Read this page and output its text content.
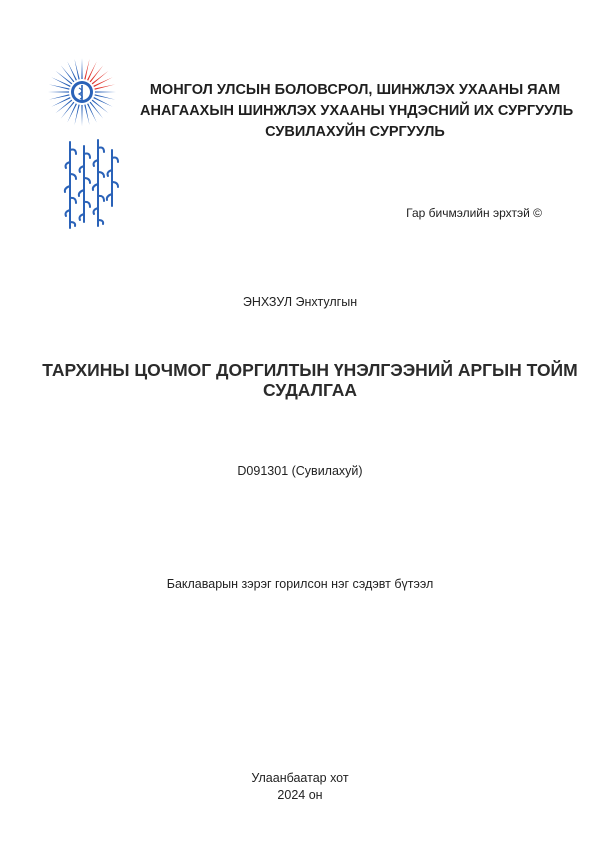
МОНГОЛ УЛСЫН БОЛОВСРОЛ, ШИНЖЛЭХ УХААНЫ ЯАМ
АНАГААХЫН ШИНЖЛЭХ УХААНЫ ҮНДЭСНИЙ ИХ СУРГУУЛЬ
СУВИЛАХУЙН СУРГУУЛЬ
Гар бичмэлийн эрхтэй ©
ЭНХЗУЛ Энхтулгын
ТАРХИНЫ ЦОЧМОГ ДОРГИЛТЫН ҮНЭЛГЭЭНИЙ АРГЫН ТОЙМ
СУДАЛГАА
D091301 (Сувилахуй)
Баклаварын зэрэг горилсон нэг сэдэвт бүтээл
Улаанбаатар хот
2024 он
